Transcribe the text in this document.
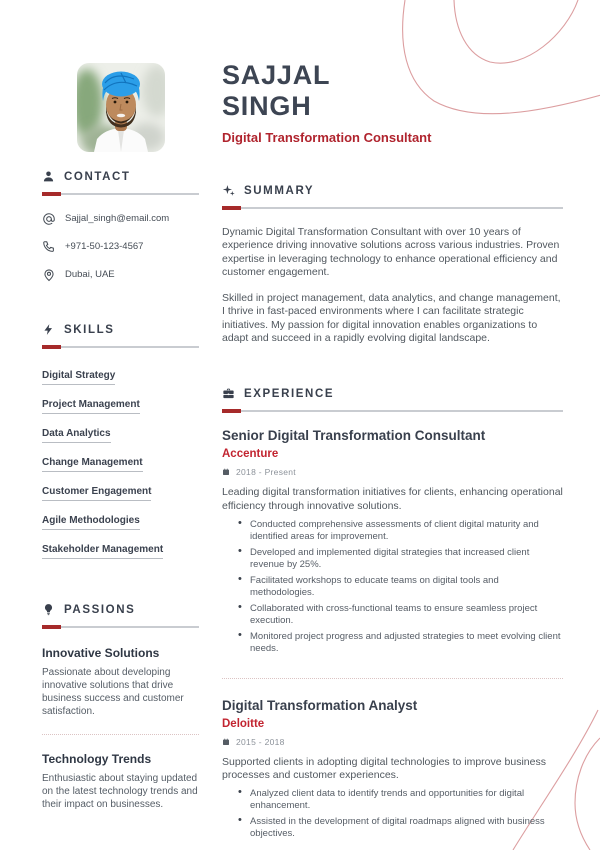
SAJJAL
SINGH
Digital Transformation Consultant
SUMMARY

Dynamic Digital Transformation Consultant with over 10 years of experience driving innovative solutions across various industries. Proven expertise in leveraging technology to enhance operational efficiency and customer engagement.

Skilled in project management, data analytics, and change management, I thrive in fast-paced environments where I can facilitate strategic initiatives. My passion for digital innovation enables organizations to adapt and succeed in a rapidly evolving digital landscape.

EXPERIENCE
Senior Digital Transformation Consultant
Accenture
2018 - Present
Leading digital transformation initiatives for clients, enhancing operational efficiency through innovative solutions.
• Conducted comprehensive assessments of client digital maturity and identified areas for improvement.
• Developed and implemented digital strategies that increased client revenue by 25%.
• Facilitated workshops to educate teams on digital tools and methodologies.
• Collaborated with cross-functional teams to ensure seamless project execution.
• Monitored project progress and adjusted strategies to meet evolving client needs.
Digital Transformation Analyst
Deloitte
2015 - 2018
Supported clients in adopting digital technologies to improve business processes and customer experiences.
• Analyzed client data to identify trends and opportunities for digital enhancement.
• Assisted in the development of digital roadmaps aligned with business objectives.
CONTACT
Sajjal_singh@email.com
+971-50-123-4567
Dubai, UAE
SKILLS
Digital Strategy
Project Management
Data Analytics
Change Management
Customer Engagement
Agile Methodologies
Stakeholder Management
PASSIONS
Innovative Solutions
Passionate about developing innovative solutions that drive business success and customer satisfaction.
Technology Trends
Enthusiastic about staying updated on the latest technology trends and their impact on businesses.
